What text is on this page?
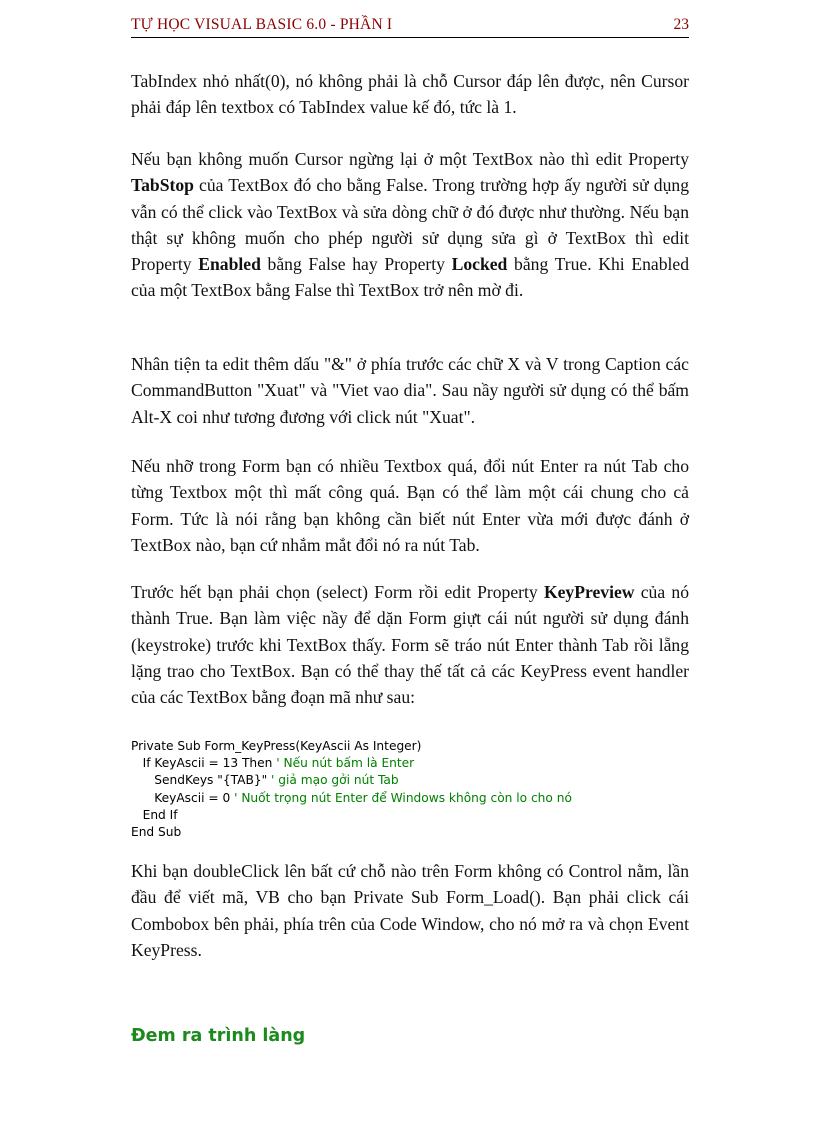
TỰ HỌC VISUAL BASIC 6.0 - PHẦN I	23

TabIndex nhỏ nhất(0), nó không phải là chỗ Cursor đáp lên được, nên Cursor phải đáp lên textbox có TabIndex value kế đó, tức là 1.

Nếu bạn không muốn Cursor ngừng lại ở một TextBox nào thì edit Property TabStop của TextBox đó cho bằng False. Trong trường hợp ấy người sử dụng vẫn có thể click vào TextBox và sửa dòng chữ ở đó được như thường. Nếu bạn thật sự không muốn cho phép người sử dụng sửa gì ở TextBox thì edit Property Enabled bằng False hay Property Locked bằng True. Khi Enabled của một TextBox bằng False thì TextBox trở nên mờ đi.

Nhân tiện ta edit thêm dấu "&" ở phía trước các chữ X và V trong Caption các CommandButton "Xuat" và "Viet vao dia". Sau nầy người sử dụng có thể bấm Alt-X coi như tương đương với click nút "Xuat".

Nếu nhỡ trong Form bạn có nhiều Textbox quá, đổi nút Enter ra nút Tab cho từng Textbox một thì mất công quá. Bạn có thể làm một cái chung cho cả Form. Tức là nói rằng bạn không cần biết nút Enter vừa mới được đánh ở TextBox nào, bạn cứ nhắm mắt đổi nó ra nút Tab.

Trước hết bạn phải chọn (select) Form rồi edit Property KeyPreview của nó thành True. Bạn làm việc nầy để dặn Form giựt cái nút người sử dụng đánh (keystroke) trước khi TextBox thấy. Form sẽ tráo nút Enter thành Tab rồi lẵng lặng trao cho TextBox. Bạn có thể thay thế tất cả các KeyPress event handler của các TextBox bằng đoạn mã như sau:

Private Sub Form_KeyPress(KeyAscii As Integer)
If KeyAscii = 13 Then ' Nếu nút bấm là Enter
SendKeys "{TAB}" ' giả mạo gởi nút Tab
KeyAscii = 0 ' Nuốt trọng nút Enter để Windows không còn lo cho nó
End If
End Sub

Khi bạn doubleClick lên bất cứ chỗ nào trên Form không có Control nằm, lần đầu để viết mã, VB cho bạn Private Sub Form_Load(). Bạn phải click cái Combobox bên phải, phía trên của Code Window, cho nó mở ra và chọn Event KeyPress.

Đem ra trình làng
